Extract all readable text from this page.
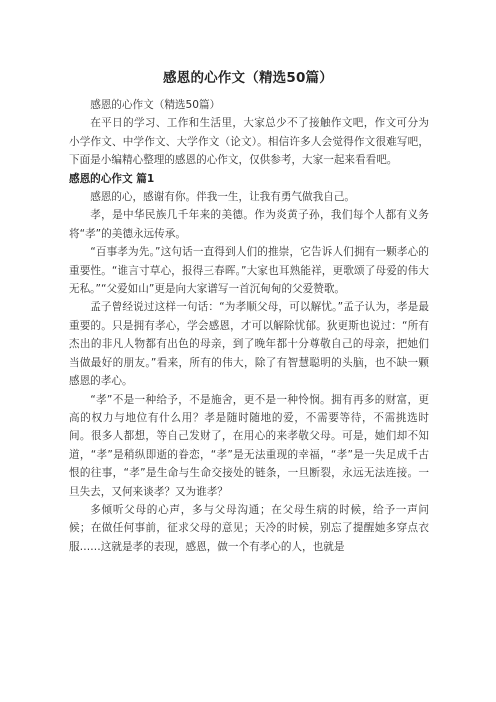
感恩的心作文（精选50篇）

感恩的心作文（精选50篇）

在平日的学习、工作和生活里，大家总少不了接触作文吧，作文可分为小学作文、中学作文、大学作文（论文）。相信许多人会觉得作文很难写吧，下面是小编精心整理的感恩的心作文，仅供参考，大家一起来看看吧。

感恩的心作文 篇1

感恩的心，感谢有你。伴我一生，让我有勇气做我自己。

孝，是中华民族几千年来的美德。作为炎黄子孙，我们每个人都有义务将“孝”的美德永远传承。

“百事孝为先。”这句话一直得到人们的推崇，它告诉人们拥有一颗孝心的重要性。“谁言寸草心，报得三春晖。”大家也耳熟能祥，更歌颂了母爱的伟大无私。”“父爱如山”更是向大家谱写一首沉甸甸的父爱赞歌。

孟子曾经说过这样一句话：“为孝顺父母，可以解忧。”孟子认为，孝是最重要的。只是拥有孝心，学会感恩，才可以解除忧郁。狄更斯也说过：“所有杰出的非凡人物都有出色的母亲，到了晚年都十分尊敬自己的母亲，把她们当做最好的朋友。”看来，所有的伟大，除了有智慧聪明的头脑，也不缺一颗感恩的孝心。

“孝”不是一种给予，不是施舍，更不是一种怜悯。拥有再多的财富，更高的权力与地位有什么用？孝是随时随地的爱，不需要等待，不需挑选时间。很多人都想，等自己发财了，在用心的来孝敬父母。可是，她们却不知道，“孝”是稍纵即逝的眷恋，“孝”是无法重现的幸福，“孝”是一失足成千古恨的往事，“孝”是生命与生命交接处的链条，一旦断裂，永远无法连接。一旦失去，又何来谈孝？又为谁孝？

多倾听父母的心声，多与父母沟通；在父母生病的时候，给予一声问候；在做任何事前，征求父母的意见；天冷的时候，别忘了提醒她多穿点衣服……这就是孝的表现，感恩，做一个有孝心的人，也就是
